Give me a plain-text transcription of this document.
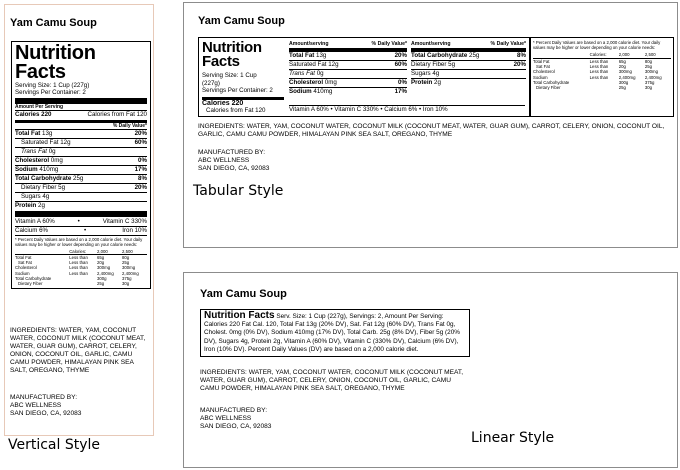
Yam Camu Soup
Nutrition Facts
Serving Size: 1 Cup (227g)
Servings Per Container: 2
Amount Per Serving
Calories 220	Calories from Fat 120
% Daily Value*
Total Fat 13g	20%
Saturated Fat 12g	60%
Trans Fat 0g
Cholesterol 0mg	0%
Sodium 410mg	17%
Total Carbohydrate 25g	8%
Dietary Fiber 5g	20%
Sugars 4g
Protein 2g
Vitamin A 60%	•	Vitamin C 330%
Calcium 6%	•	Iron 10%
* Percent Daily Values are based on a 2,000 calorie diet. Your daily values may be higher or lower depending on your calorie needs:
	Calories:	2,000	2,500
Total Fat	Less than	65g	80g
Sat Fat	Less than	20g	25g
Cholesterol	Less than	300mg	300mg
Sodium	Less than	2,400mg	2,400mg
Total Carbohydrate		300g	375g
Dietary Fiber		25g	30g
INGREDIENTS: WATER, YAM, COCONUT WATER, COCONUT MILK (COCONUT MEAT, WATER, GUAR GUM), CARROT, CELERY, ONION, COCONUT OIL, GARLIC, CAMU CAMU POWDER, HIMALAYAN PINK SEA SALT, OREGANO, THYME
MANUFACTURED BY:
ABC WELLNESS
SAN DIEGO, CA, 92083
Vertical Style
Yam Camu Soup
Nutrition Facts
Serving Size: 1 Cup (227g)
Servings Per Container: 2
Calories 220
Calories from Fat 120
Amount/serving	% Daily Value*
Total Fat 13g	20%
Saturated Fat 12g	60%
Trans Fat 0g
Cholesterol 0mg	0%
Sodium 410mg	17%
Amount/serving	% Daily Value*
Total Carbohydrate 25g	8%
Dietary Fiber 5g	20%
Sugars 4g
Protein 2g
Vitamin A 60% • Vitamin C 330% • Calcium 6% • Iron 10%
* Percent Daily Values are based on a 2,000 calorie diet. Your daily values may be higher or lower depending on your calorie needs:
	Calories:	2,000	2,500
Total Fat	Less than	65g	80g
Sat Fat	Less than	20g	25g
Cholesterol	Less than	300mg	300mg
Sodium	Less than	2,400mg	2,400mg
Total Carbohydrate		300g	375g
Dietary Fiber		25g	30g
INGREDIENTS: WATER, YAM, COCONUT WATER, COCONUT MILK (COCONUT MEAT, WATER, GUAR GUM), CARROT, CELERY, ONION, COCONUT OIL, GARLIC, CAMU CAMU POWDER, HIMALAYAN PINK SEA SALT, OREGANO, THYME
MANUFACTURED BY:
ABC WELLNESS
SAN DIEGO, CA, 92083
Tabular Style
Yam Camu Soup
Nutrition Facts Serv. Size: 1 Cup (227g), Servings: 2, Amount Per Serving: Calories 220 Fat Cal. 120, Total Fat 13g (20% DV), Sat. Fat 12g (60% DV), Trans Fat 0g, Cholest. 0mg (0% DV), Sodium 410mg (17% DV), Total Carb. 25g (8% DV), Fiber 5g (20% DV), Sugars 4g, Protein 2g, Vitamin A (60% DV), Vitamin C (330% DV), Calcium (6% DV), Iron (10% DV). Percent Daily Values (DV) are based on a 2,000 calorie diet.
INGREDIENTS: WATER, YAM, COCONUT WATER, COCONUT MILK (COCONUT MEAT, WATER, GUAR GUM), CARROT, CELERY, ONION, COCONUT OIL, GARLIC, CAMU CAMU POWDER, HIMALAYAN PINK SEA SALT, OREGANO, THYME
MANUFACTURED BY:
ABC WELLNESS
SAN DIEGO, CA, 92083
Linear Style
